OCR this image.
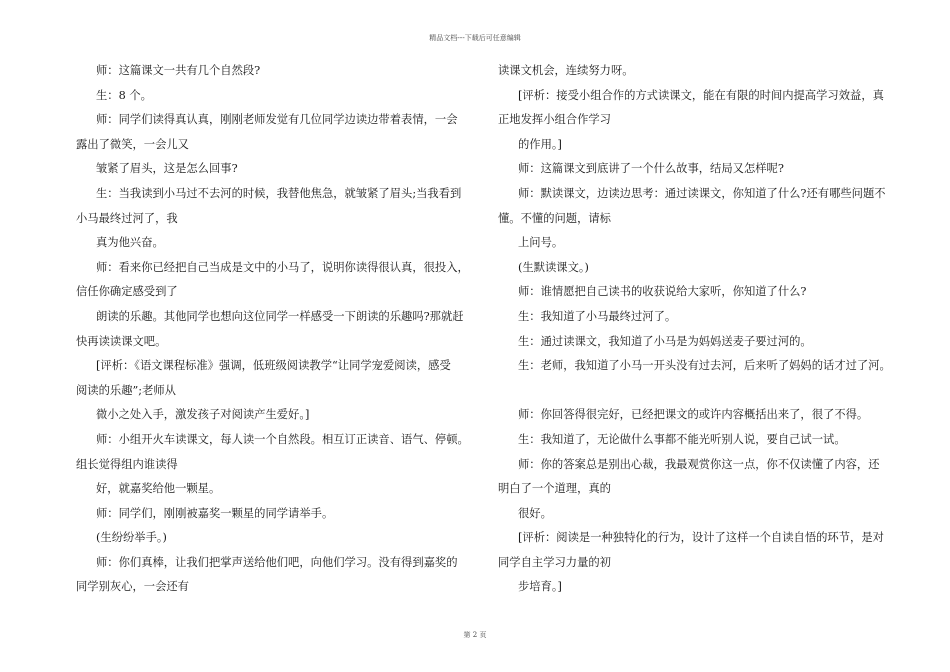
精品文档---下载后可任意编辑
师：这篇课文一共有几个自然段?
生：8 个。
师：同学们读得真认真，刚刚老师发觉有几位同学边读边带着表情，一会
露出了微笑，一会儿又
皱紧了眉头，这是怎么回事?
生：当我读到小马过不去河的时候，我替他焦急，就皱紧了眉头;当我看到
小马最终过河了，我
真为他兴奋。
师：看来你已经把自己当成是文中的小马了，说明你读得很认真，很投入，
信任你确定感受到了
朗读的乐趣。其他同学也想向这位同学一样感受一下朗读的乐趣吗?那就赶
快再读读课文吧。
[评析：《语文课程标准》强调，低班级阅读教学“让同学宠爱阅读，感受
阅读的乐趣”;老师从
微小之处入手，激发孩子对阅读产生爱好。]
师：小组开火车读课文，每人读一个自然段。相互订正读音、语气、停顿。
组长觉得组内谁读得
好，就嘉奖给他一颗星。
师：同学们，刚刚被嘉奖一颗星的同学请举手。
(生纷纷举手。)
师：你们真棒，让我们把掌声送给他们吧，向他们学习。没有得到嘉奖的
同学别灰心，一会还有
读课文机会，连续努力呀。
[评析：接受小组合作的方式读课文，能在有限的时间内提高学习效益，真
正地发挥小组合作学习
的作用。]
师：这篇课文到底讲了一个什么故事，结局又怎样呢?
师：默读课文，边读边思考：通过读课文，你知道了什么?还有哪些问题不
懂。不懂的问题，请标
上问号。
(生默读课文。)
师：谁情愿把自己读书的收获说给大家听，你知道了什么?
生：我知道了小马最终过河了。
生：通过读课文，我知道了小马是为妈妈送麦子要过河的。
生：老师，我知道了小马一开头没有过去河，后来听了妈妈的话才过了河。
师：你回答得很完好，已经把课文的或许内容概括出来了，很了不得。
生：我知道了，无论做什么事都不能光听别人说，要自己试一试。
师：你的答案总是别出心裁，我最观赏你这一点，你不仅读懂了内容，还
明白了一个道理，真的
很好。
[评析：阅读是一种独特化的行为，设计了这样一个自读自悟的环节，是对
同学自主学习力量的初
步培育。]
第 2 页
